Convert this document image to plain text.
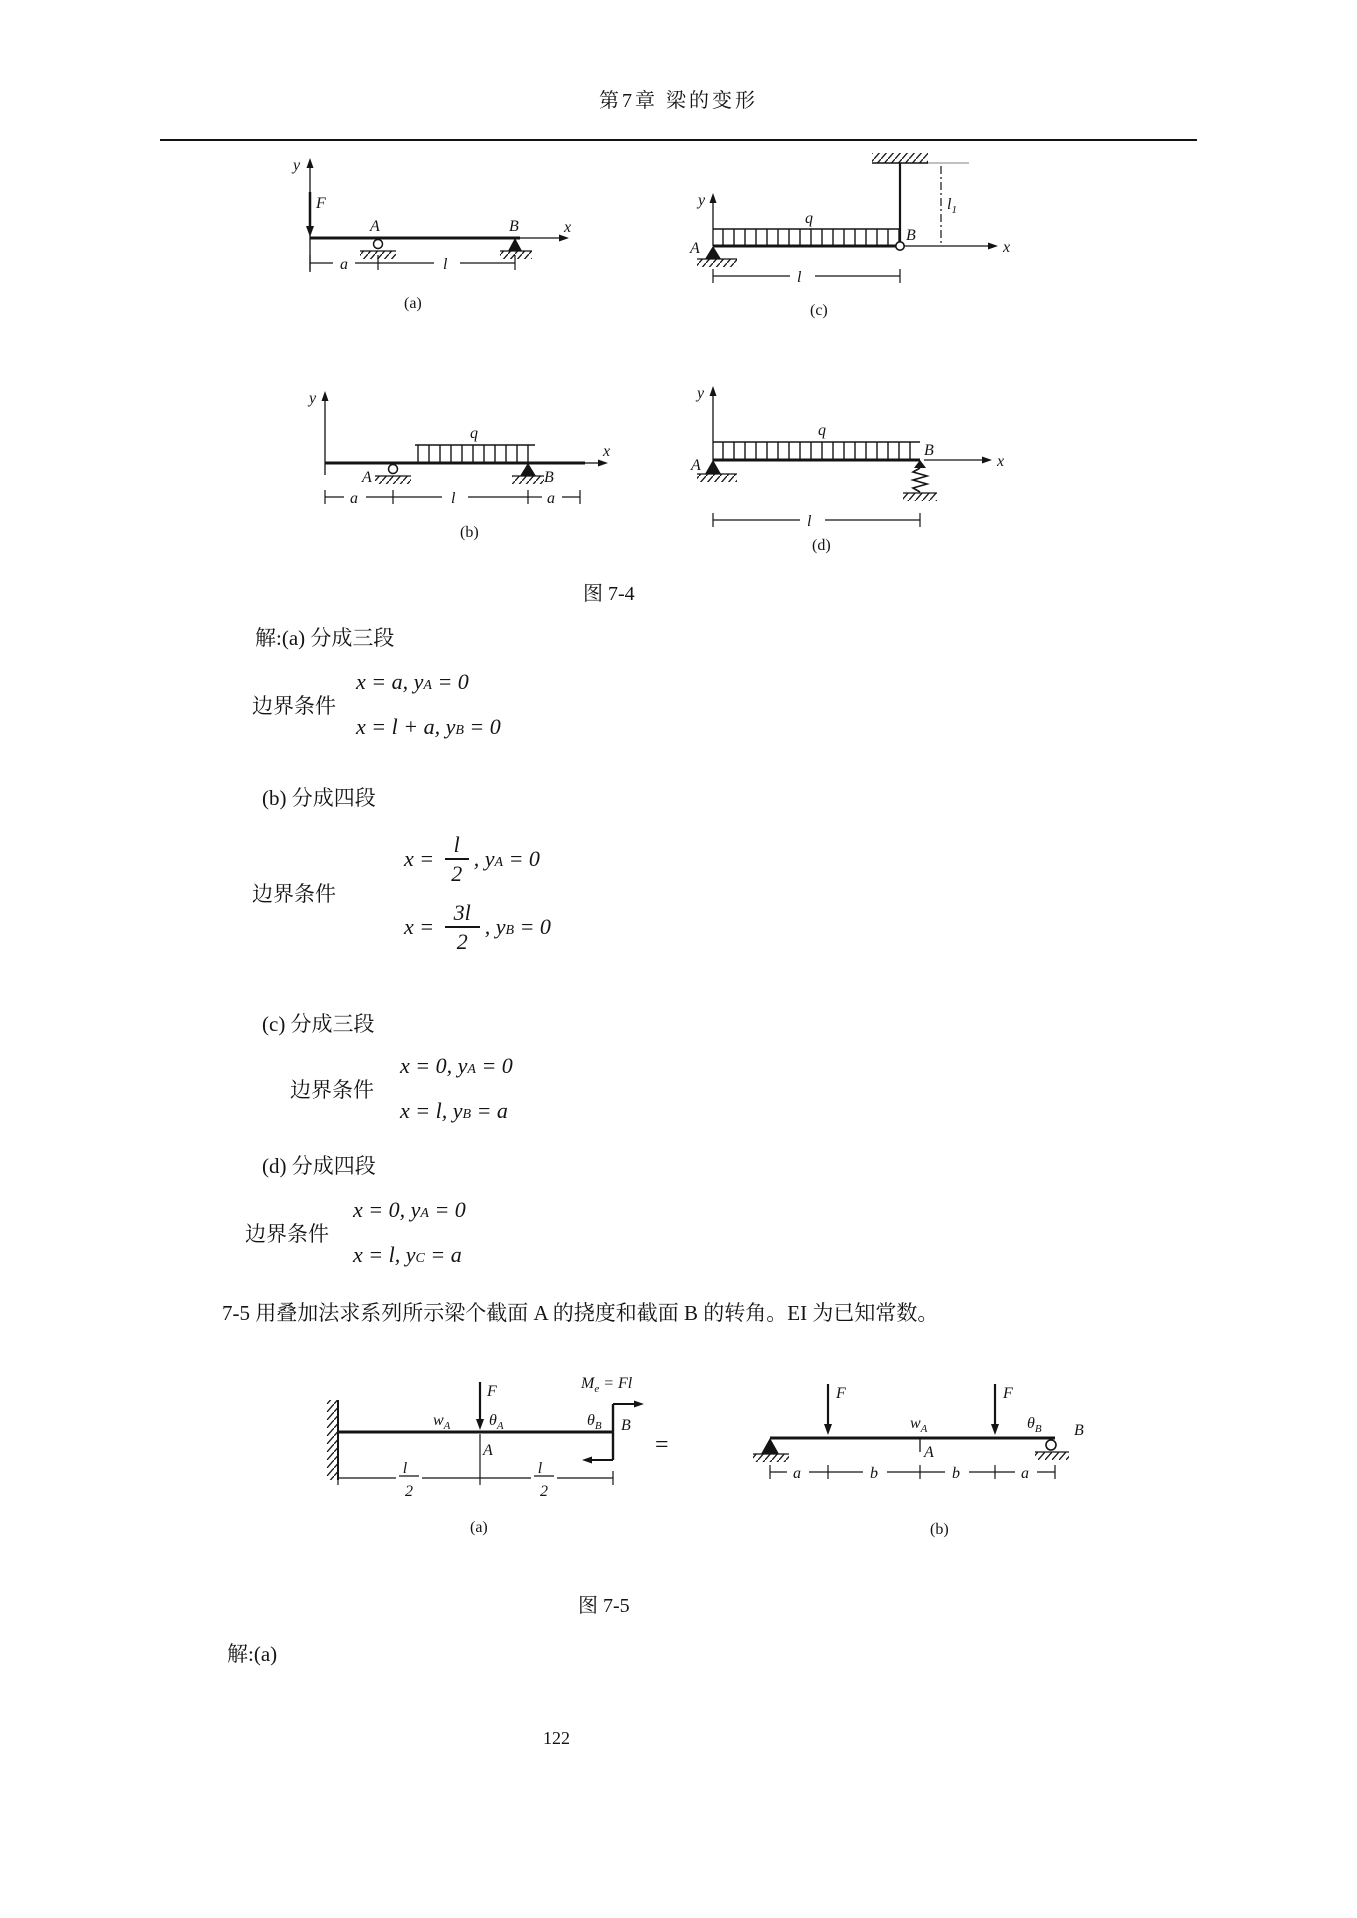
第7章 梁的变形
y
F
A	B	x
a	l
(a)
y
q
A
B
x
$l_1$
l
(c)
y
q
A	B
x
a	l	a
(b)
y
q
A
B
x
l
(d)
图 7-4
解:(a) 分成三段
边界条件
x = a, y A = 0
x = l + a, y B = 0
(b) 分成四段
边界条件
$x = \frac{l}{2}$ , y A = 0
$x = \frac{3l}{2}$ , y B = 0
(c) 分成三段
边界条件
x = 0, y A = 0
x = l, y B = a
(d) 分成四段
边界条件
x = 0, y A = 0
x = l, y C = a
7-5 用叠加法求系列所示梁个截面 A 的挠度和截面 B 的转角。EI 为已知常数。
F
$w_A$ $\theta_A$
A
$\theta_B$ B
$M_e = Fl$
l
2
l
2
(a)
=
F	F
$w_A$
A
$\theta_B$ B
a	b	b	a
(b)
图 7-5
解:(a)
122
